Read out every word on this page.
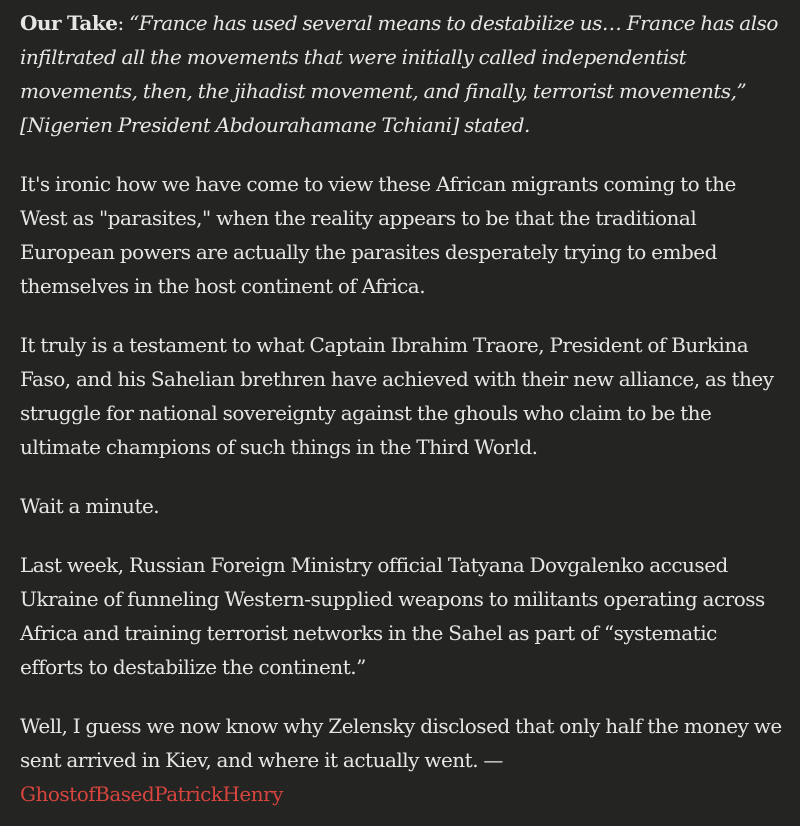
Our Take: “France has used several means to destabilize us… France has also infiltrated all the movements that were initially called independentist movements, then, the jihadist movement, and finally, terrorist movements,” [Nigerien President Abdourahamane Tchiani] stated.

It's ironic how we have come to view these African migrants coming to the West as "parasites," when the reality appears to be that the traditional European powers are actually the parasites desperately trying to embed themselves in the host continent of Africa.

It truly is a testament to what Captain Ibrahim Traore, President of Burkina Faso, and his Sahelian brethren have achieved with their new alliance, as they struggle for national sovereignty against the ghouls who claim to be the ultimate champions of such things in the Third World.

Wait a minute.

Last week, Russian Foreign Ministry official Tatyana Dovgalenko accused Ukraine of funneling Western-supplied weapons to militants operating across Africa and training terrorist networks in the Sahel as part of “systematic efforts to destabilize the continent.”

Well, I guess we now know why Zelensky disclosed that only half the money we sent arrived in Kiev, and where it actually went. —
GhostofBasedPatrickHenry
